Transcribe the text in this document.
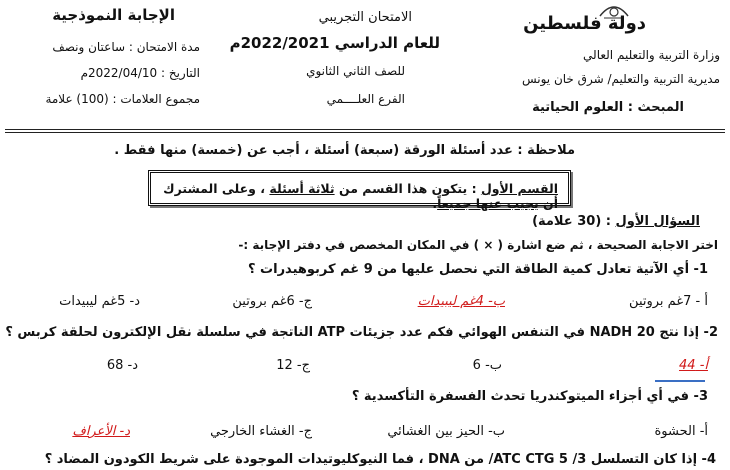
دولة فلسطين
وزارة التربية والتعليم العالي
مديرية التربية والتعليم/ شرق خان يونس
المبحث : العلوم الحياتية
الامتحان التجريبي
للعام الدراسي 2022/2021م
للصف الثاني الثانوي
الفرع العلــــمي
الإجابة النموذجية
مدة الامتحان : ساعتان ونصف
التاريخ : 2022/04/10م
مجموع العلامات : (100) علامة
ملاحظة : عدد أسئلة الورقة (سبعة) أسئلة ، أجب عن (خمسة) منها فقط .
القسم الأول : يتكون هذا القسم من ثلاثة أسئلة ، وعلى المشترك أن يجيب عنها جميعاً.
السؤال الأول : (30 علامة)
اختر الاجابة الصحيحة ، ثم ضع اشارة ( × ) في المكان المخصص في دفتر الإجابة :-
1- أي الآتية تعادل كمية الطاقة التي نحصل عليها من 9 غم كربوهيدرات ؟
أ - 7غم بروتين
ب- 4غم ليبيدات
ج- 6غم بروتين
د- 5غم ليبيدات
2- إذا نتج 20 NADH في التنفس الهوائي فكم عدد جزيئات ATP الناتجة في سلسلة نقل الإلكترون لحلقة كربس ؟
أ- 44
ب- 6
ج- 12
د- 68
3- في أي أجزاء الميتوكندريا تحدث الفسفرة التأكسدية ؟
أ- الحشوة
ب- الحيز بين الغشائي
ج- الغشاء الخارجي
د- الأعراف
4- إذا كان التسلسل 3/ ATC CTG 5/ من DNA ، فما النيوكليوتيدات الموجودة على شريط الكودون المضاد ؟
